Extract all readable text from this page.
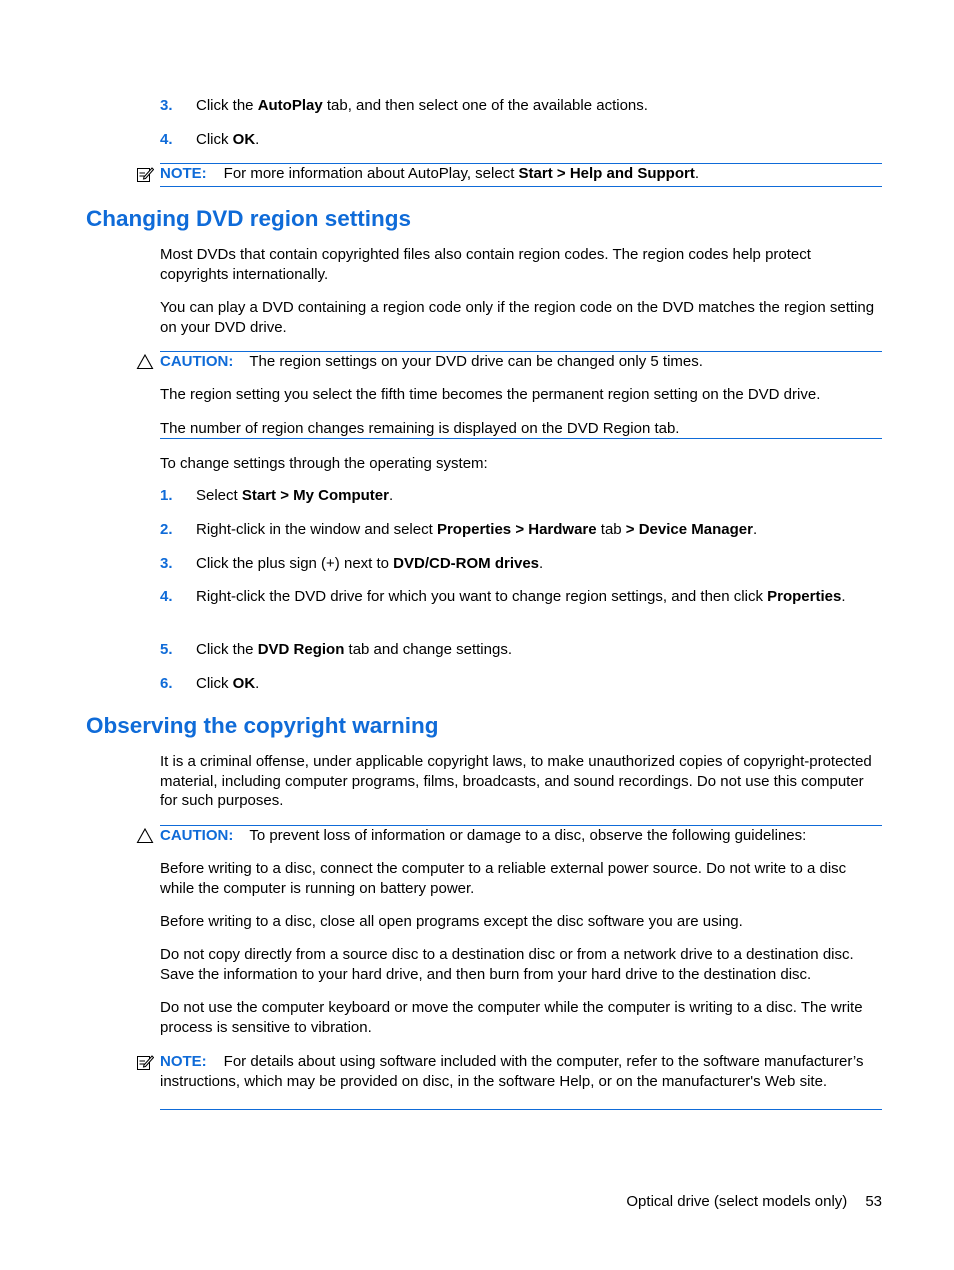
3. Click the AutoPlay tab, and then select one of the available actions.
4. Click OK.
NOTE: For more information about AutoPlay, select Start > Help and Support.
Changing DVD region settings
Most DVDs that contain copyrighted files also contain region codes. The region codes help protect copyrights internationally.
You can play a DVD containing a region code only if the region code on the DVD matches the region setting on your DVD drive.
CAUTION: The region settings on your DVD drive can be changed only 5 times.
The region setting you select the fifth time becomes the permanent region setting on the DVD drive.
The number of region changes remaining is displayed on the DVD Region tab.
To change settings through the operating system:
1. Select Start > My Computer.
2. Right-click in the window and select Properties > Hardware tab > Device Manager.
3. Click the plus sign (+) next to DVD/CD-ROM drives.
4. Right-click the DVD drive for which you want to change region settings, and then click Properties.
5. Click the DVD Region tab and change settings.
6. Click OK.
Observing the copyright warning
It is a criminal offense, under applicable copyright laws, to make unauthorized copies of copyright-protected material, including computer programs, films, broadcasts, and sound recordings. Do not use this computer for such purposes.
CAUTION: To prevent loss of information or damage to a disc, observe the following guidelines:
Before writing to a disc, connect the computer to a reliable external power source. Do not write to a disc while the computer is running on battery power.
Before writing to a disc, close all open programs except the disc software you are using.
Do not copy directly from a source disc to a destination disc or from a network drive to a destination disc. Save the information to your hard drive, and then burn from your hard drive to the destination disc.
Do not use the computer keyboard or move the computer while the computer is writing to a disc. The write process is sensitive to vibration.
NOTE: For details about using software included with the computer, refer to the software manufacturer’s instructions, which may be provided on disc, in the software Help, or on the manufacturer's Web site.
Optical drive (select models only) 53
